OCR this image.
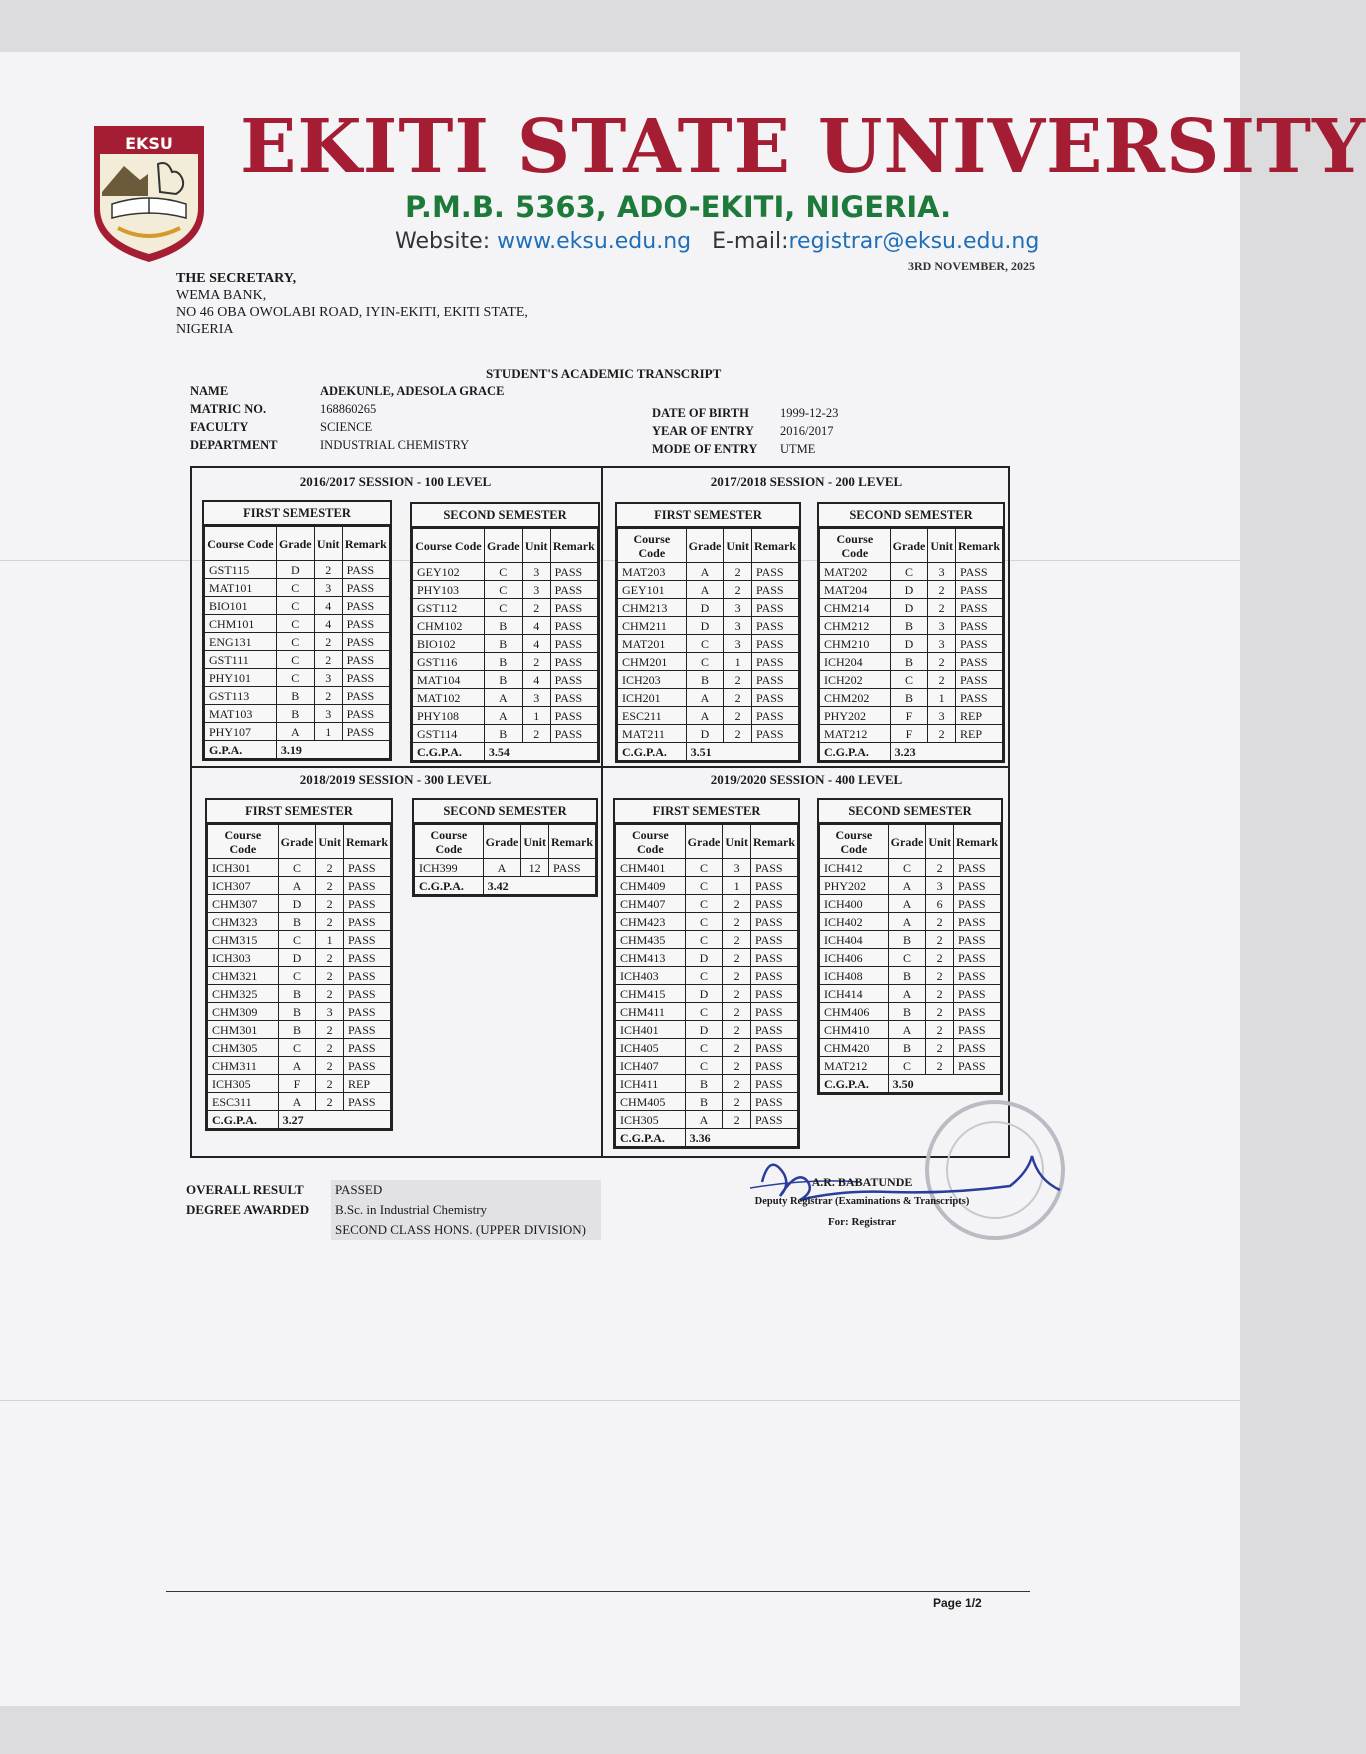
EKSU EKITI STATE UNIVERSITY
P.M.B. 5363, ADO-EKITI, NIGERIA.
Website: www.eksu.edu.ng E-mail:registrar@eksu.edu.ng
3RD NOVEMBER, 2025
THE SECRETARY,
WEMA BANK,
NO 46 OBA OWOLABI ROAD, IYIN-EKITI, EKITI STATE,
NIGERIA
STUDENT'S ACADEMIC TRANSCRIPT
NAME	ADEKUNLE, ADESOLA GRACE
MATRIC NO.	168860265
FACULTY	SCIENCE
DEPARTMENT	INDUSTRIAL CHEMISTRY
DATE OF BIRTH 1999-12-23
YEAR OF ENTRY 2016/2017
MODE OF ENTRY UTME
2016/2017 SESSION - 100 LEVEL	2017/2018 SESSION - 200 LEVEL
2018/2019 SESSION - 300 LEVEL	2019/2020 SESSION - 400 LEVEL
FIRST SEMESTER
Course Code	Grade	Unit	Remark
GST115	D	2	PASS
MAT101	C	3	PASS
BIO101	C	4	PASS
CHM101	C	4	PASS
ENG131	C	2	PASS
GST111	C	2	PASS
PHY101	C	3	PASS
GST113	B	2	PASS
MAT103	B	3	PASS
PHY107	A	1	PASS
G.P.A.	3.19		
SECOND SEMESTER
Course Code	Grade	Unit	Remark
GEY102	C	3	PASS
PHY103	C	3	PASS
GST112	C	2	PASS
CHM102	B	4	PASS
BIO102	B	4	PASS
GST116	B	2	PASS
MAT104	B	4	PASS
MAT102	A	3	PASS
PHY108	A	1	PASS
GST114	B	2	PASS
C.G.P.A.	3.54		
FIRST SEMESTER
Course Code	Grade	Unit	Remark
MAT203	A	2	PASS
GEY101	A	2	PASS
CHM213	D	3	PASS
CHM211	D	3	PASS
MAT201	C	3	PASS
CHM201	C	1	PASS
ICH203	B	2	PASS
ICH201	A	2	PASS
ESC211	A	2	PASS
MAT211	D	2	PASS
C.G.P.A.	3.51		
SECOND SEMESTER
Course Code	Grade	Unit	Remark
MAT202	C	3	PASS
MAT204	D	2	PASS
CHM214	D	2	PASS
CHM212	B	3	PASS
CHM210	D	3	PASS
ICH204	B	2	PASS
ICH202	C	2	PASS
CHM202	B	1	PASS
PHY202	F	3	REP
MAT212	F	2	REP
C.G.P.A.	3.23		
FIRST SEMESTER
Course Code	Grade	Unit	Remark
ICH301	C	2	PASS
ICH307	A	2	PASS
CHM307	D	2	PASS
CHM323	B	2	PASS
CHM315	C	1	PASS
ICH303	D	2	PASS
CHM321	C	2	PASS
CHM325	B	2	PASS
CHM309	B	3	PASS
CHM301	B	2	PASS
CHM305	C	2	PASS
CHM311	A	2	PASS
ICH305	F	2	REP
ESC311	A	2	PASS
C.G.P.A.	3.27		
SECOND SEMESTER
Course Code	Grade	Unit	Remark
ICH399	A	12	PASS
C.G.P.A.	3.42		
FIRST SEMESTER
Course Code	Grade	Unit	Remark
CHM401	C	3	PASS
CHM409	C	1	PASS
CHM407	C	2	PASS
CHM423	C	2	PASS
CHM435	C	2	PASS
CHM413	D	2	PASS
ICH403	C	2	PASS
CHM415	D	2	PASS
CHM411	C	2	PASS
ICH401	D	2	PASS
ICH405	C	2	PASS
ICH407	C	2	PASS
ICH411	B	2	PASS
CHM405	B	2	PASS
ICH305	A	2	PASS
C.G.P.A.	3.36		
SECOND SEMESTER
Course Code	Grade	Unit	Remark
ICH412	C	2	PASS
PHY202	A	3	PASS
ICH400	A	6	PASS
ICH402	A	2	PASS
ICH404	B	2	PASS
ICH406	C	2	PASS
ICH408	B	2	PASS
ICH414	A	2	PASS
CHM406	B	2	PASS
CHM410	A	2	PASS
CHM420	B	2	PASS
MAT212	C	2	PASS
C.G.P.A.	3.50		
OVERALL RESULT	PASSED
DEGREE AWARDED	B.Sc. in Industrial Chemistry
SECOND CLASS HONS. (UPPER DIVISION)
A.R. BABATUNDE
Deputy Registrar (Examinations & Transcripts)
For: Registrar
Page 1/2
